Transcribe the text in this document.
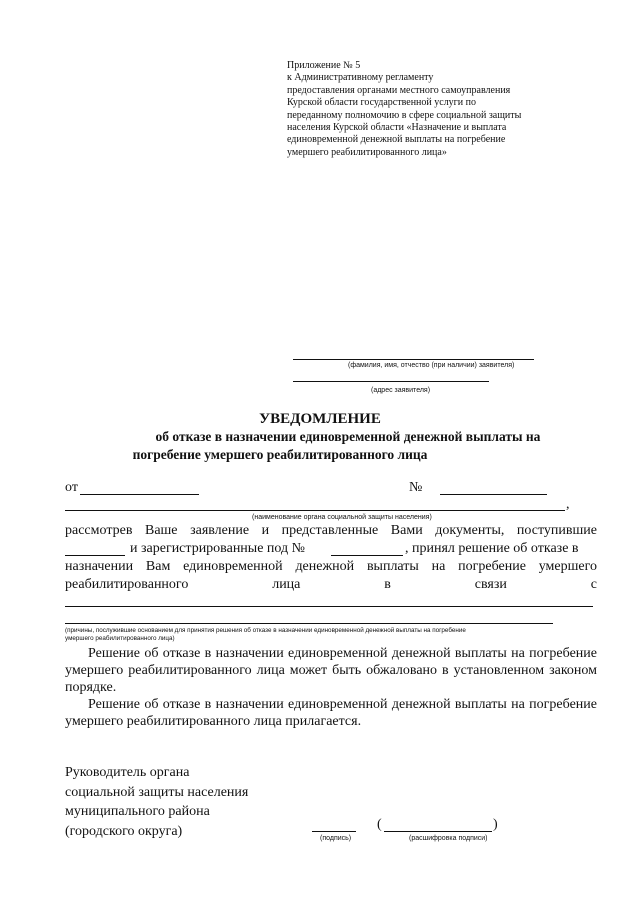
Приложение № 5
к Административному регламенту
предоставления органами местного самоуправления
Курской области государственной услуги по
переданному полномочию в сфере социальной защиты
населения Курской области «Назначение и выплата
единовременной денежной выплаты на погребение
умершего реабилитированного лица»
(фамилия, имя, отчество (при наличии) заявителя)
(адрес заявителя)
УВЕДОМЛЕНИЕ
об отказе в назначении единовременной денежной выплаты на
погребение умершего реабилитированного лица
от	№
,
(наименование органа социальной защиты населения)
рассмотрев Ваше заявление и представленные Вами документы, поступившие
и зарегистрированные под №	, принял решение об отказе в
назначении Вам единовременной денежной выплаты на погребение умершего
реабилитированного	лица	в	связи	с
(причины, послужившие основанием для принятия решения об отказе в назначении единовременной денежной выплаты на погребение
умершего реабилитированного лица)
Решение об отказе в назначении единовременной денежной выплаты на погребение умершего реабилитированного лица может быть обжаловано в установленном законом порядке.
Решение об отказе в назначении единовременной денежной выплаты на погребение умершего реабилитированного лица прилагается.
Руководитель органа
социальной защиты населения
муниципального района
(городского округа)	(подпись)
(	)
(расшифровка подписи)
